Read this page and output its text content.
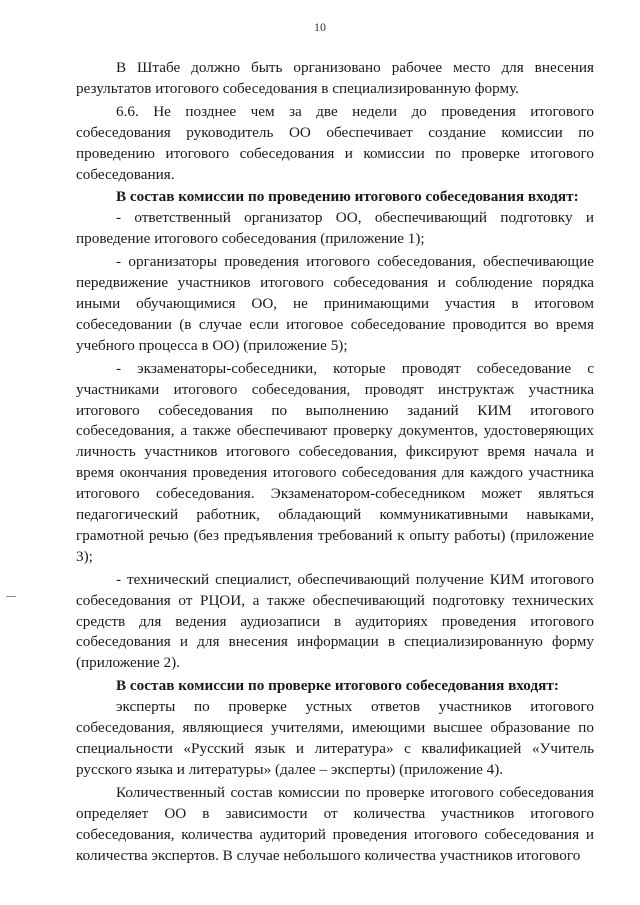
10

В Штабе должно быть организовано рабочее место для внесения результатов итогового собеседования в специализированную форму.

6.6. Не позднее чем за две недели до проведения итогового собеседования руководитель ОО обеспечивает создание комиссии по проведению итогового собеседования и комиссии по проверке итогового собеседования.

В состав комиссии по проведению итогового собеседования входят:

- ответственный организатор ОО, обеспечивающий подготовку и проведение итогового собеседования (приложение 1);

- организаторы проведения итогового собеседования, обеспечивающие передвижение участников итогового собеседования и соблюдение порядка иными обучающимися ОО, не принимающими участия в итоговом собеседовании (в случае если итоговое собеседование проводится во время учебного процесса в ОО) (приложение 5);

- экзаменаторы-собеседники, которые проводят собеседование с участниками итогового собеседования, проводят инструктаж участника итогового собеседования по выполнению заданий КИМ итогового собеседования, а также обеспечивают проверку документов, удостоверяющих личность участников итогового собеседования, фиксируют время начала и время окончания проведения итогового собеседования для каждого участника итогового собеседования. Экзаменатором-собеседником может являться педагогический работник, обладающий коммуникативными навыками, грамотной речью (без предъявления требований к опыту работы) (приложение 3);

- технический специалист, обеспечивающий получение КИМ итогового собеседования от РЦОИ, а также обеспечивающий подготовку технических средств для ведения аудиозаписи в аудиториях проведения итогового собеседования и для внесения информации в специализированную форму (приложение 2).

В состав комиссии по проверке итогового собеседования входят:

эксперты по проверке устных ответов участников итогового собеседования, являющиеся учителями, имеющими высшее образование по специальности «Русский язык и литература» с квалификацией «Учитель русского языка и литературы» (далее – эксперты) (приложение 4).

Количественный состав комиссии по проверке итогового собеседования определяет ОО в зависимости от количества участников итогового собеседования, количества аудиторий проведения итогового собеседования и количества экспертов. В случае небольшого количества участников итогового
